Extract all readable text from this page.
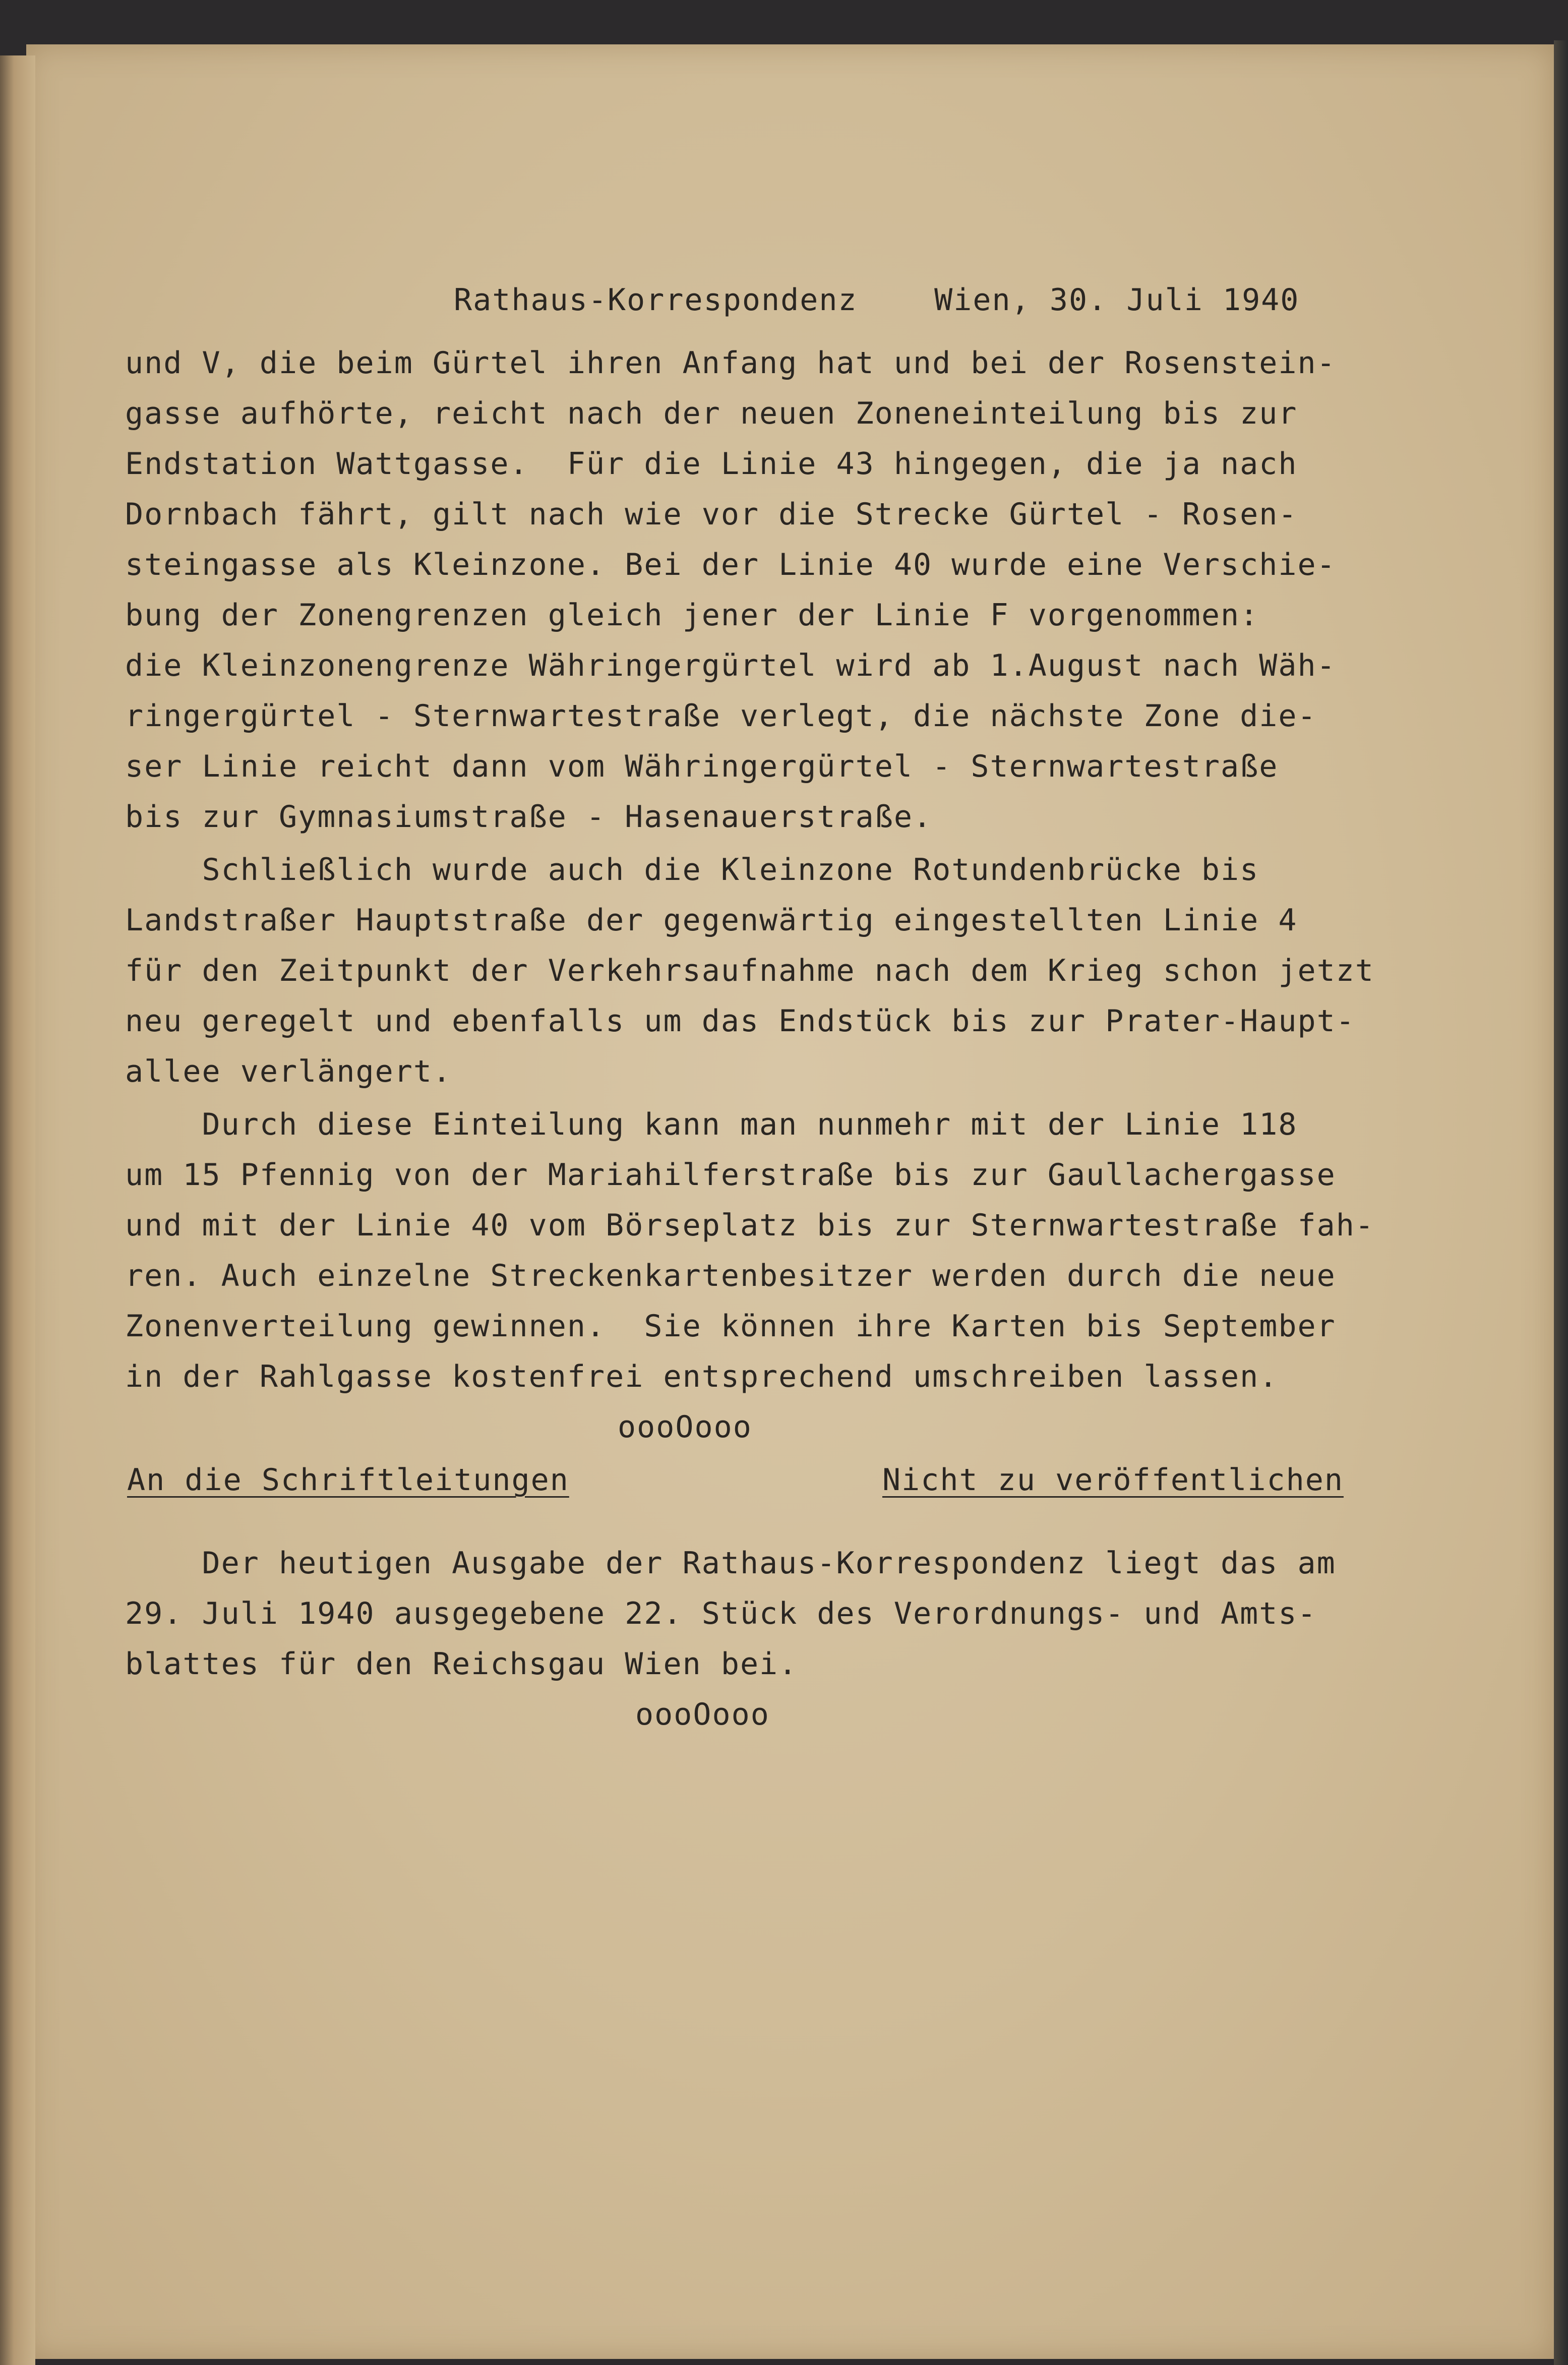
Rathaus-Korrespondenz	Wien, 30. Juli 1940
und V, die beim Gürtel ihren Anfang hat und bei der Rosenstein-
gasse aufhörte, reicht nach der neuen Zoneneinteilung bis zur
Endstation Wattgasse.  Für die Linie 43 hingegen, die ja nach
Dornbach fährt, gilt nach wie vor die Strecke Gürtel - Rosen-
steingasse als Kleinzone. Bei der Linie 40 wurde eine Verschie-
bung der Zonengrenzen gleich jener der Linie F vorgenommen:
die Kleinzonengrenze Währingergürtel wird ab 1.August nach Wäh-
ringergürtel - Sternwartestraße verlegt, die nächste Zone die-
ser Linie reicht dann vom Währingergürtel - Sternwartestraße
bis zur Gymnasiumstraße - Hasenauerstraße.
Schließlich wurde auch die Kleinzone Rotundenbrücke bis
Landstraßer Hauptstraße der gegenwärtig eingestellten Linie 4
für den Zeitpunkt der Verkehrsaufnahme nach dem Krieg schon jetzt
neu geregelt und ebenfalls um das Endstück bis zur Prater-Haupt-
allee verlängert.
Durch diese Einteilung kann man nunmehr mit der Linie 118
um 15 Pfennig von der Mariahilferstraße bis zur Gaullachergasse
und mit der Linie 40 vom Börseplatz bis zur Sternwartestraße fah-
ren. Auch einzelne Streckenkartenbesitzer werden durch die neue
Zonenverteilung gewinnen.  Sie können ihre Karten bis September
in der Rahlgasse kostenfrei entsprechend umschreiben lassen.
oooOooo
An die Schriftleitungen	Nicht zu veröffentlichen
Der heutigen Ausgabe der Rathaus-Korrespondenz liegt das am
29. Juli 1940 ausgegebene 22. Stück des Verordnungs- und Amts-
blattes für den Reichsgau Wien bei.
oooOooo
